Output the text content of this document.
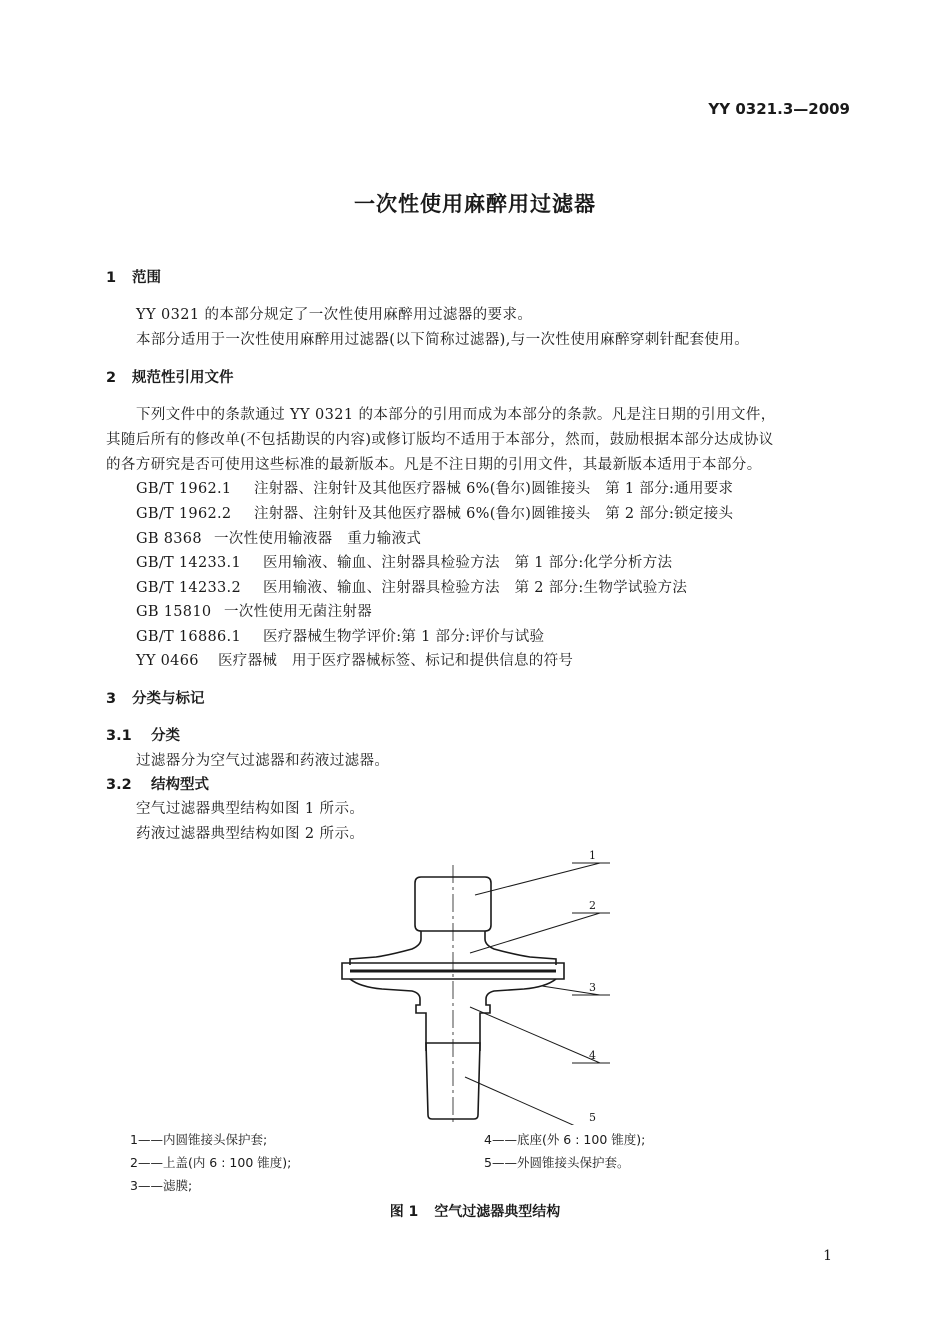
YY 0321.3—2009
一次性使用麻醉用过滤器
1 范围
YY 0321 的本部分规定了一次性使用麻醉用过滤器的要求。
本部分适用于一次性使用麻醉用过滤器(以下简称过滤器),与一次性使用麻醉穿刺针配套使用。
2 规范性引用文件
下列文件中的条款通过 YY 0321 的本部分的引用而成为本部分的条款。凡是注日期的引用文件，
其随后所有的修改单(不包括勘误的内容)或修订版均不适用于本部分，然而，鼓励根据本部分达成协议
的各方研究是否可使用这些标准的最新版本。凡是不注日期的引用文件，其最新版本适用于本部分。
GB/T 1962.1 注射器、注射针及其他医疗器械 6%(鲁尔)圆锥接头　第 1 部分:通用要求
GB/T 1962.2 注射器、注射针及其他医疗器械 6%(鲁尔)圆锥接头　第 2 部分:锁定接头
GB 8368 一次性使用输液器　重力输液式
GB/T 14233.1 医用输液、输血、注射器具检验方法　第 1 部分:化学分析方法
GB/T 14233.2 医用输液、输血、注射器具检验方法　第 2 部分:生物学试验方法
GB 15810 一次性使用无菌注射器
GB/T 16886.1 医疗器械生物学评价:第 1 部分:评价与试验
YY 0466 医疗器械　用于医疗器械标签、标记和提供信息的符号
3 分类与标记
3.1 分类
过滤器分为空气过滤器和药液过滤器。
3.2 结构型式
空气过滤器典型结构如图 1 所示。
药液过滤器典型结构如图 2 所示。
1
2
3
4
5
1——内圆锥接头保护套;
2——上盖(内 6 : 100 锥度);
3——滤膜;
4——底座(外 6 : 100 锥度);
5——外圆锥接头保护套。
图 1 空气过滤器典型结构
1
